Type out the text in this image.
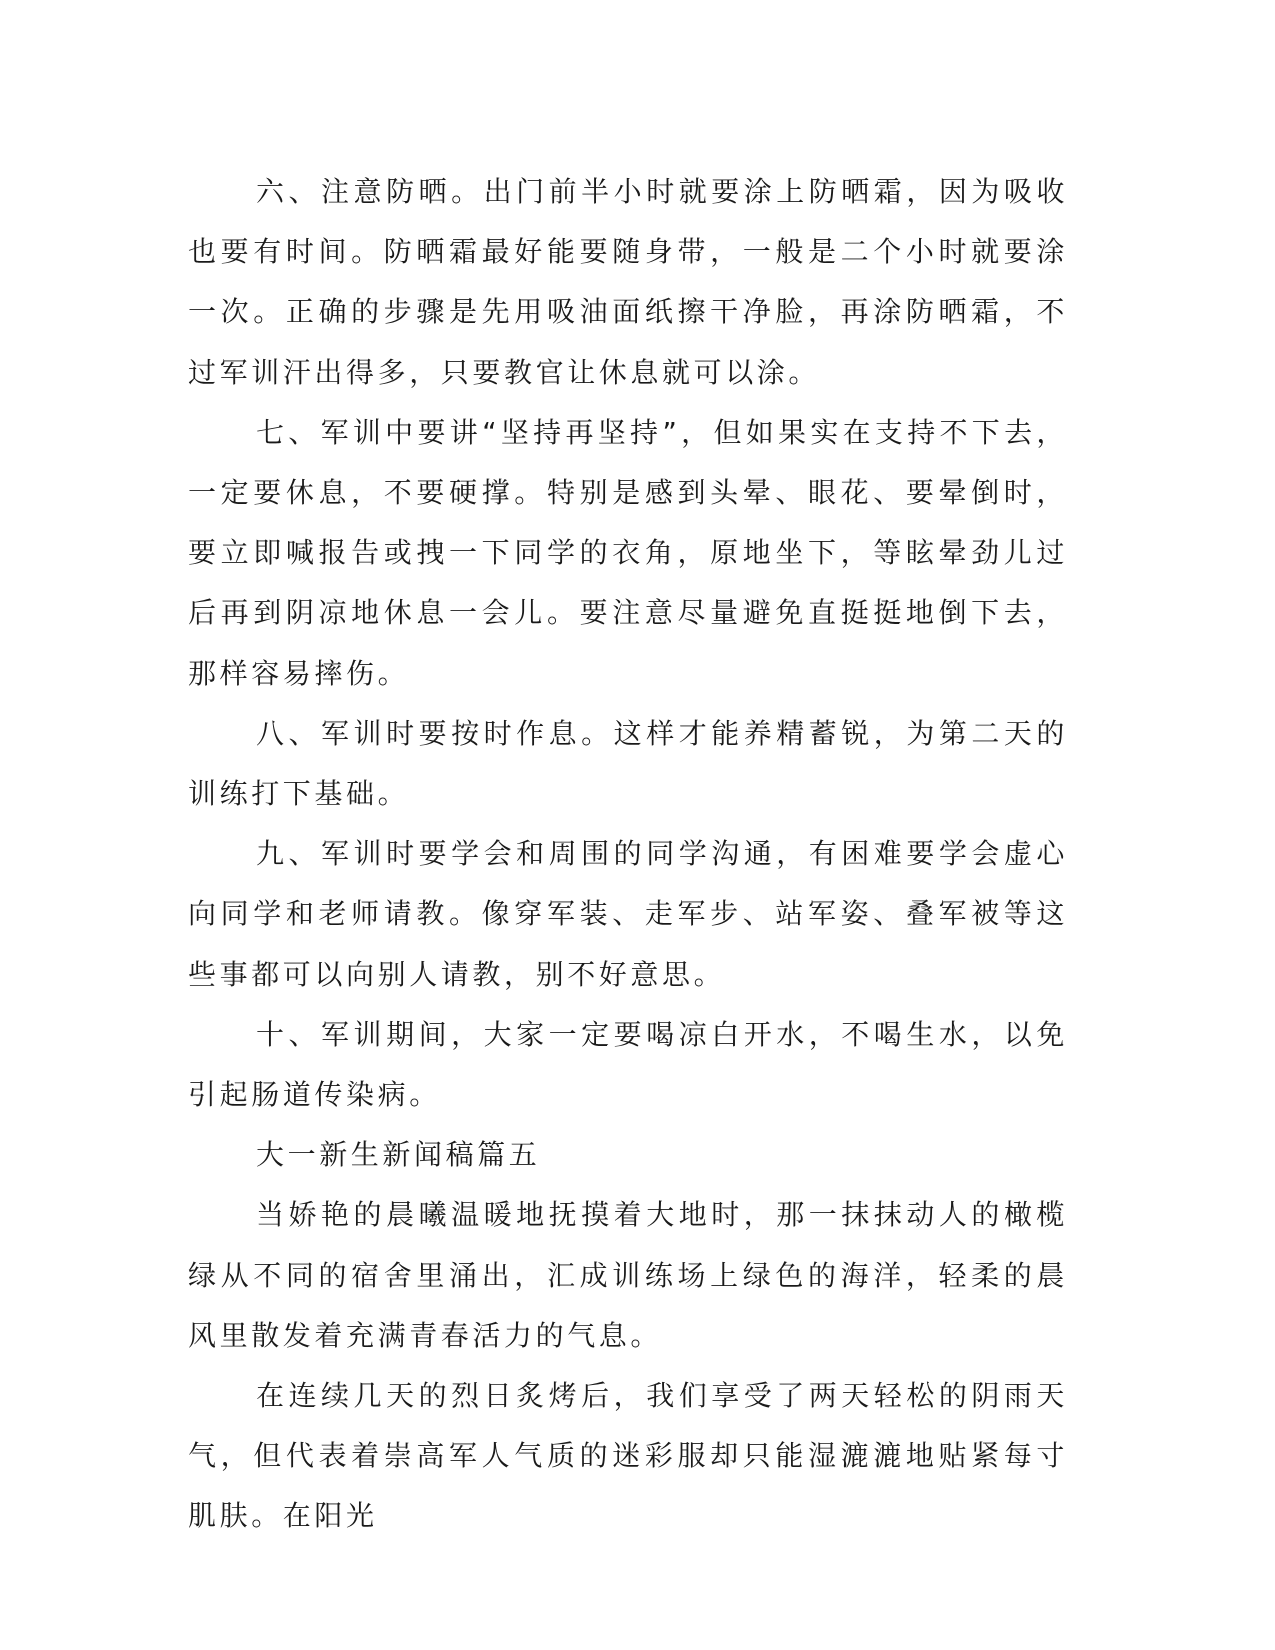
六、注意防晒。出门前半小时就要涂上防晒霜，因为吸收也要有时间。防晒霜最好能要随身带，一般是二个小时就要涂一次。正确的步骤是先用吸油面纸擦干净脸，再涂防晒霜，不过军训汗出得多，只要教官让休息就可以涂。

七、军训中要讲“坚持再坚持”，但如果实在支持不下去，一定要休息，不要硬撑。特别是感到头晕、眼花、要晕倒时，要立即喊报告或拽一下同学的衣角，原地坐下，等眩晕劲儿过后再到阴凉地休息一会儿。要注意尽量避免直挺挺地倒下去，那样容易摔伤。

八、军训时要按时作息。这样才能养精蓄锐，为第二天的训练打下基础。

九、军训时要学会和周围的同学沟通，有困难要学会虚心向同学和老师请教。像穿军装、走军步、站军姿、叠军被等这些事都可以向别人请教，别不好意思。

十、军训期间，大家一定要喝凉白开水，不喝生水，以免引起肠道传染病。

大一新生新闻稿篇五

当娇艳的晨曦温暖地抚摸着大地时，那一抹抹动人的橄榄绿从不同的宿舍里涌出，汇成训练场上绿色的海洋，轻柔的晨风里散发着充满青春活力的气息。

在连续几天的烈日炙烤后，我们享受了两天轻松的阴雨天气，但代表着崇高军人气质的迷彩服却只能湿漉漉地贴紧每寸肌肤。在阳光
